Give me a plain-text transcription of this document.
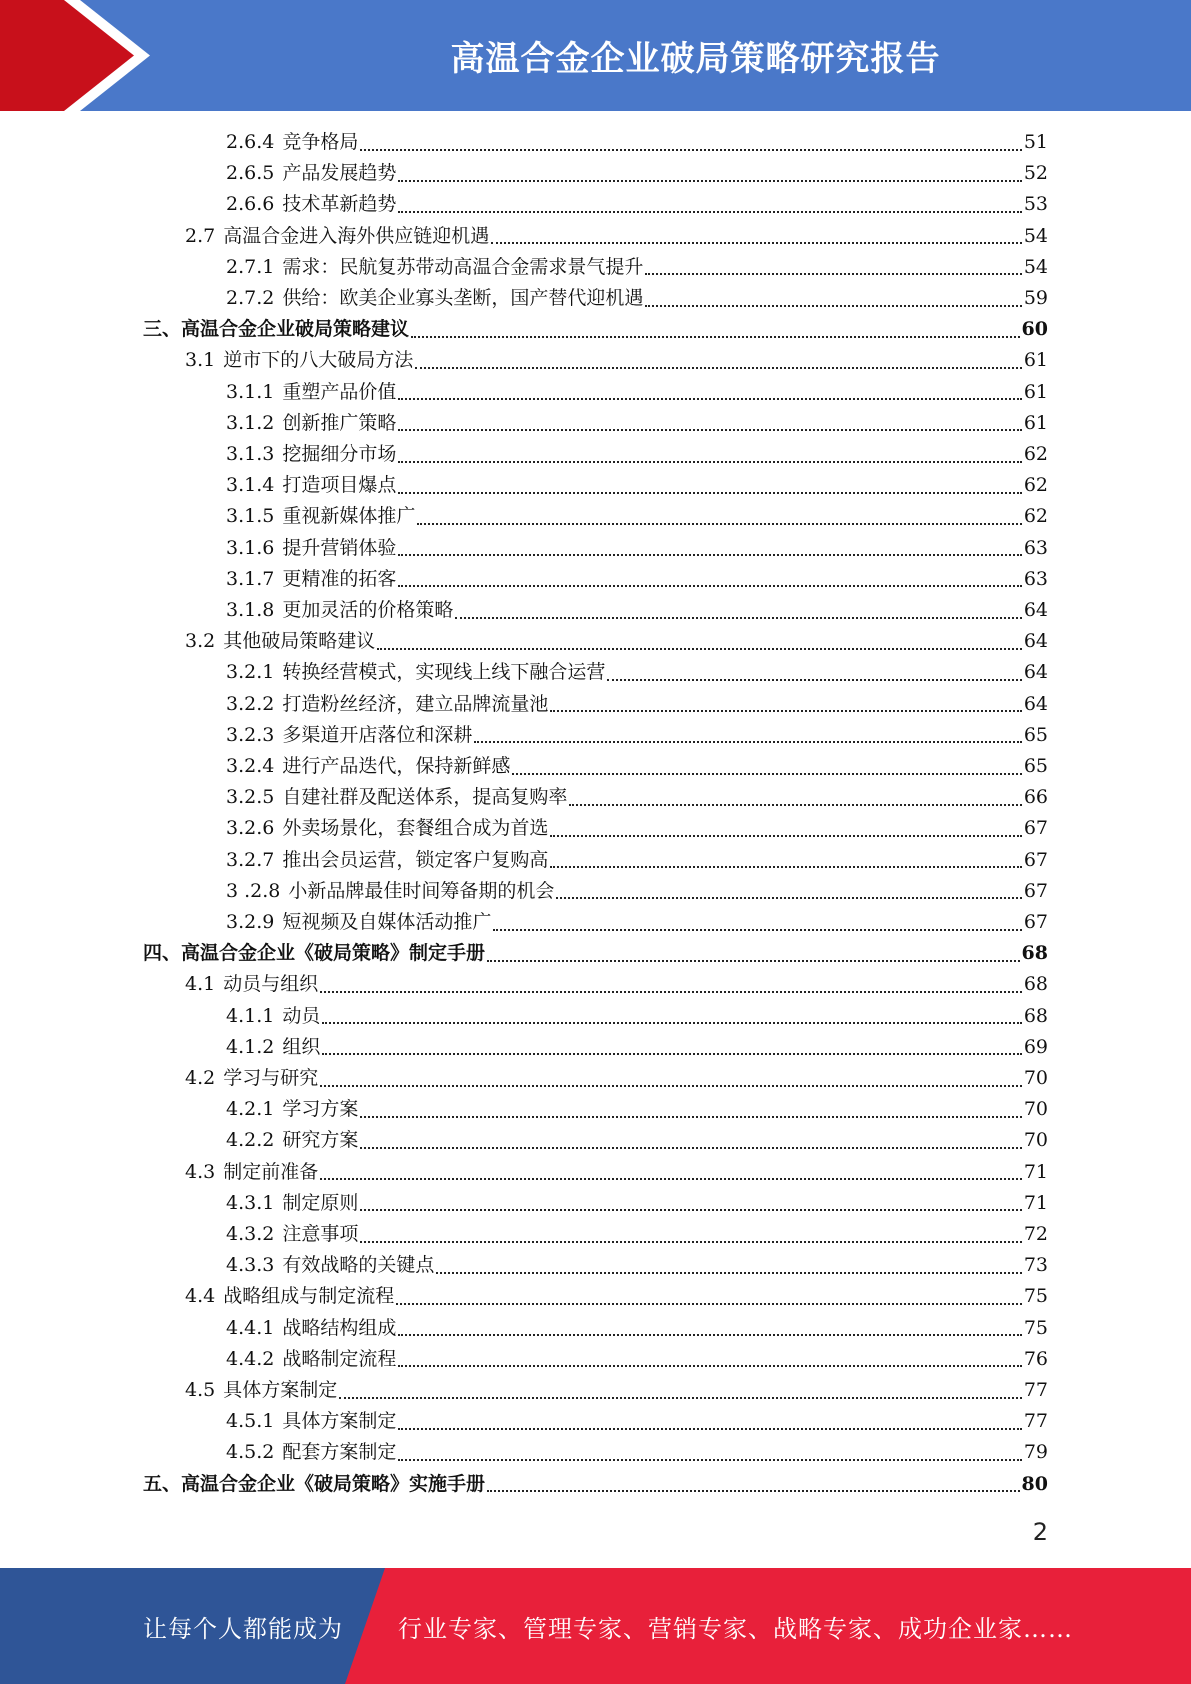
高温合金企业破局策略研究报告
2.6.4 竞争格局	51
2.6.5 产品发展趋势	52
2.6.6 技术革新趋势	53
2.7 高温合金进入海外供应链迎机遇	54
2.7.1 需求：民航复苏带动高温合金需求景气提升	54
2.7.2 供给：欧美企业寡头垄断，国产替代迎机遇	59
三、高温合金企业破局策略建议	60
3.1 逆市下的八大破局方法	61
3.1.1 重塑产品价值	61
3.1.2 创新推广策略	61
3.1.3 挖掘细分市场	62
3.1.4 打造项目爆点	62
3.1.5 重视新媒体推广	62
3.1.6 提升营销体验	63
3.1.7 更精准的拓客	63
3.1.8 更加灵活的价格策略	64
3.2 其他破局策略建议	64
3.2.1 转换经营模式，实现线上线下融合运营	64
3.2.2 打造粉丝经济，建立品牌流量池	64
3.2.3 多渠道开店落位和深耕	65
3.2.4 进行产品迭代，保持新鲜感	65
3.2.5 自建社群及配送体系，提高复购率	66
3.2.6 外卖场景化，套餐组合成为首选	67
3.2.7 推出会员运营，锁定客户复购高	67
3 .2.8 小新品牌最佳时间筹备期的机会	67
3.2.9 短视频及自媒体活动推广	67
四、高温合金企业《破局策略》制定手册	68
4.1 动员与组织	68
4.1.1 动员	68
4.1.2 组织	69
4.2 学习与研究	70
4.2.1 学习方案	70
4.2.2 研究方案	70
4.3 制定前准备	71
4.3.1 制定原则	71
4.3.2 注意事项	72
4.3.3 有效战略的关键点	73
4.4 战略组成与制定流程	75
4.4.1 战略结构组成	75
4.4.2 战略制定流程	76
4.5 具体方案制定	77
4.5.1 具体方案制定	77
4.5.2 配套方案制定	79
五、高温合金企业《破局策略》实施手册	80
2
让每个人都能成为 行业专家、管理专家、营销专家、战略专家、成功企业家……
